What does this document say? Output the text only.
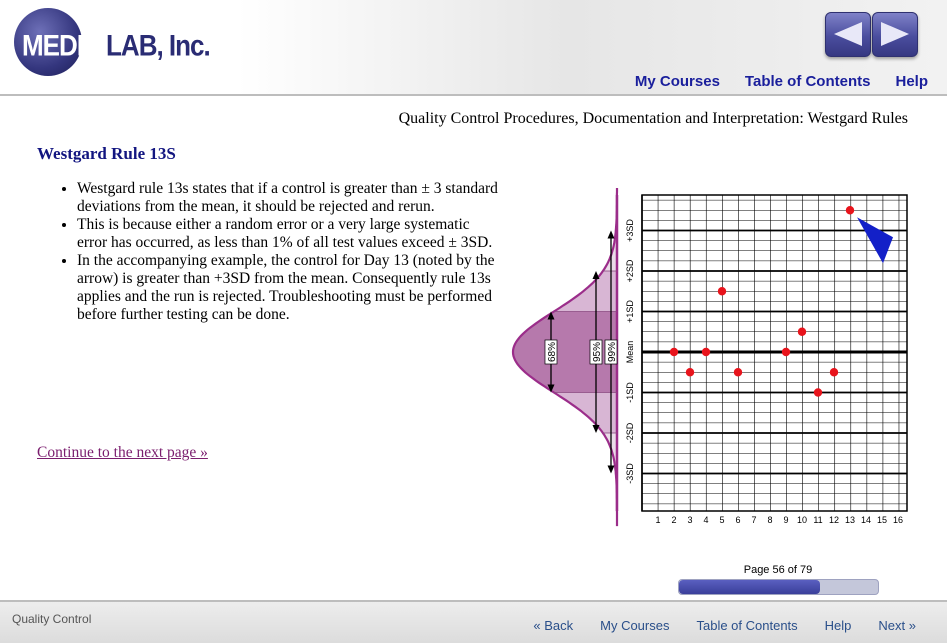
MEDIA LAB, Inc.
My Courses Table of Contents Help
Quality Control Procedures, Documentation and Interpretation: Westgard Rules
Westgard Rule 13S
• Westgard rule 13s states that if a control is greater than ± 3 standard deviations from the mean, it should be rejected and rerun.
• This is because either a random error or a very large systematic error has occurred, as less than 1% of all test values exceed ± 3SD.
• In the accompanying example, the control for Day 13 (noted by the arrow) is greater than +3SD from the mean. Consequently rule 13s applies and the run is rejected. Troubleshooting must be performed before further testing can be done.
Continue to the next page »
68%	95% 99%
+3SD
+2SD
+1SD
Mean
-1SD
-2SD
-3SD
1 2 3 4 5 6 7 8 9 10 11 12 13 14 15 16
Page 56 of 79
Quality Control	« Back My Courses Table of Contents Help Next »
